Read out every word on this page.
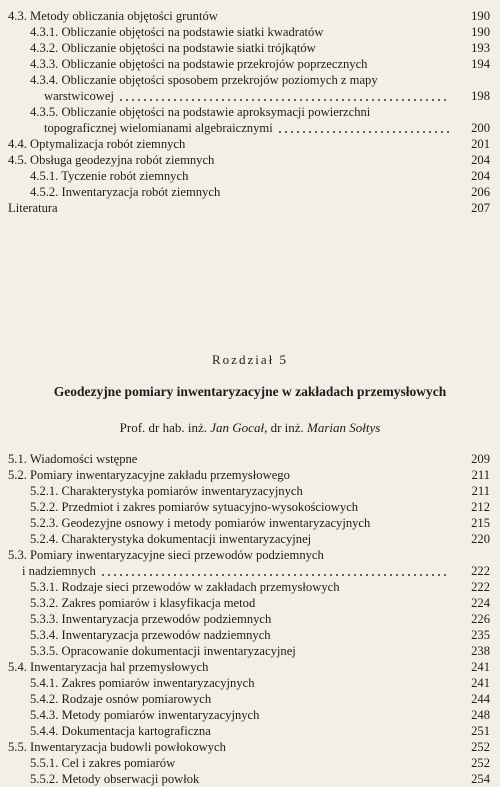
4.3. Metody obliczania objętości gruntów	190
4.3.1. Obliczanie objętości na podstawie siatki kwadratów	190
4.3.2. Obliczanie objętości na podstawie siatki trójkątów	193
4.3.3. Obliczanie objętości na podstawie przekrojów poprzecznych	194
4.3.4. Obliczanie objętości sposobem przekrojów poziomych z mapy
warstwicowej	198
4.3.5. Obliczanie objętości na podstawie aproksymacji powierzchni
topograficznej wielomianami algebraicznymi	200
4.4. Optymalizacja robót ziemnych	201
4.5. Obsługa geodezyjna robót ziemnych	204
4.5.1. Tyczenie robót ziemnych	204
4.5.2. Inwentaryzacja robót ziemnych	206
Literatura	207
Rozdział 5
Geodezyjne pomiary inwentaryzacyjne w zakładach przemysłowych
Prof. dr hab. inż. Jan Gocał, dr inż. Marian Sołtys
5.1. Wiadomości wstępne	209
5.2. Pomiary inwentaryzacyjne zakładu przemysłowego	211
5.2.1. Charakterystyka pomiarów inwentaryzacyjnych	211
5.2.2. Przedmiot i zakres pomiarów sytuacyjno-wysokościowych	212
5.2.3. Geodezyjne osnowy i metody pomiarów inwentaryzacyjnych	215
5.2.4. Charakterystyka dokumentacji inwentaryzacyjnej	220
5.3. Pomiary inwentaryzacyjne sieci przewodów podziemnych
i nadziemnych	222
5.3.1. Rodzaje sieci przewodów w zakładach przemysłowych	222
5.3.2. Zakres pomiarów i klasyfikacja metod	224
5.3.3. Inwentaryzacja przewodów podziemnych	226
5.3.4. Inwentaryzacja przewodów nadziemnych	235
5.3.5. Opracowanie dokumentacji inwentaryzacyjnej	238
5.4. Inwentaryzacja hal przemysłowych	241
5.4.1. Zakres pomiarów inwentaryzacyjnych	241
5.4.2. Rodzaje osnów pomiarowych	244
5.4.3. Metody pomiarów inwentaryzacyjnych	248
5.4.4. Dokumentacja kartograficzna	251
5.5. Inwentaryzacja budowli powłokowych	252
5.5.1. Cel i zakres pomiarów	252
5.5.2. Metody obserwacji powłok	254
